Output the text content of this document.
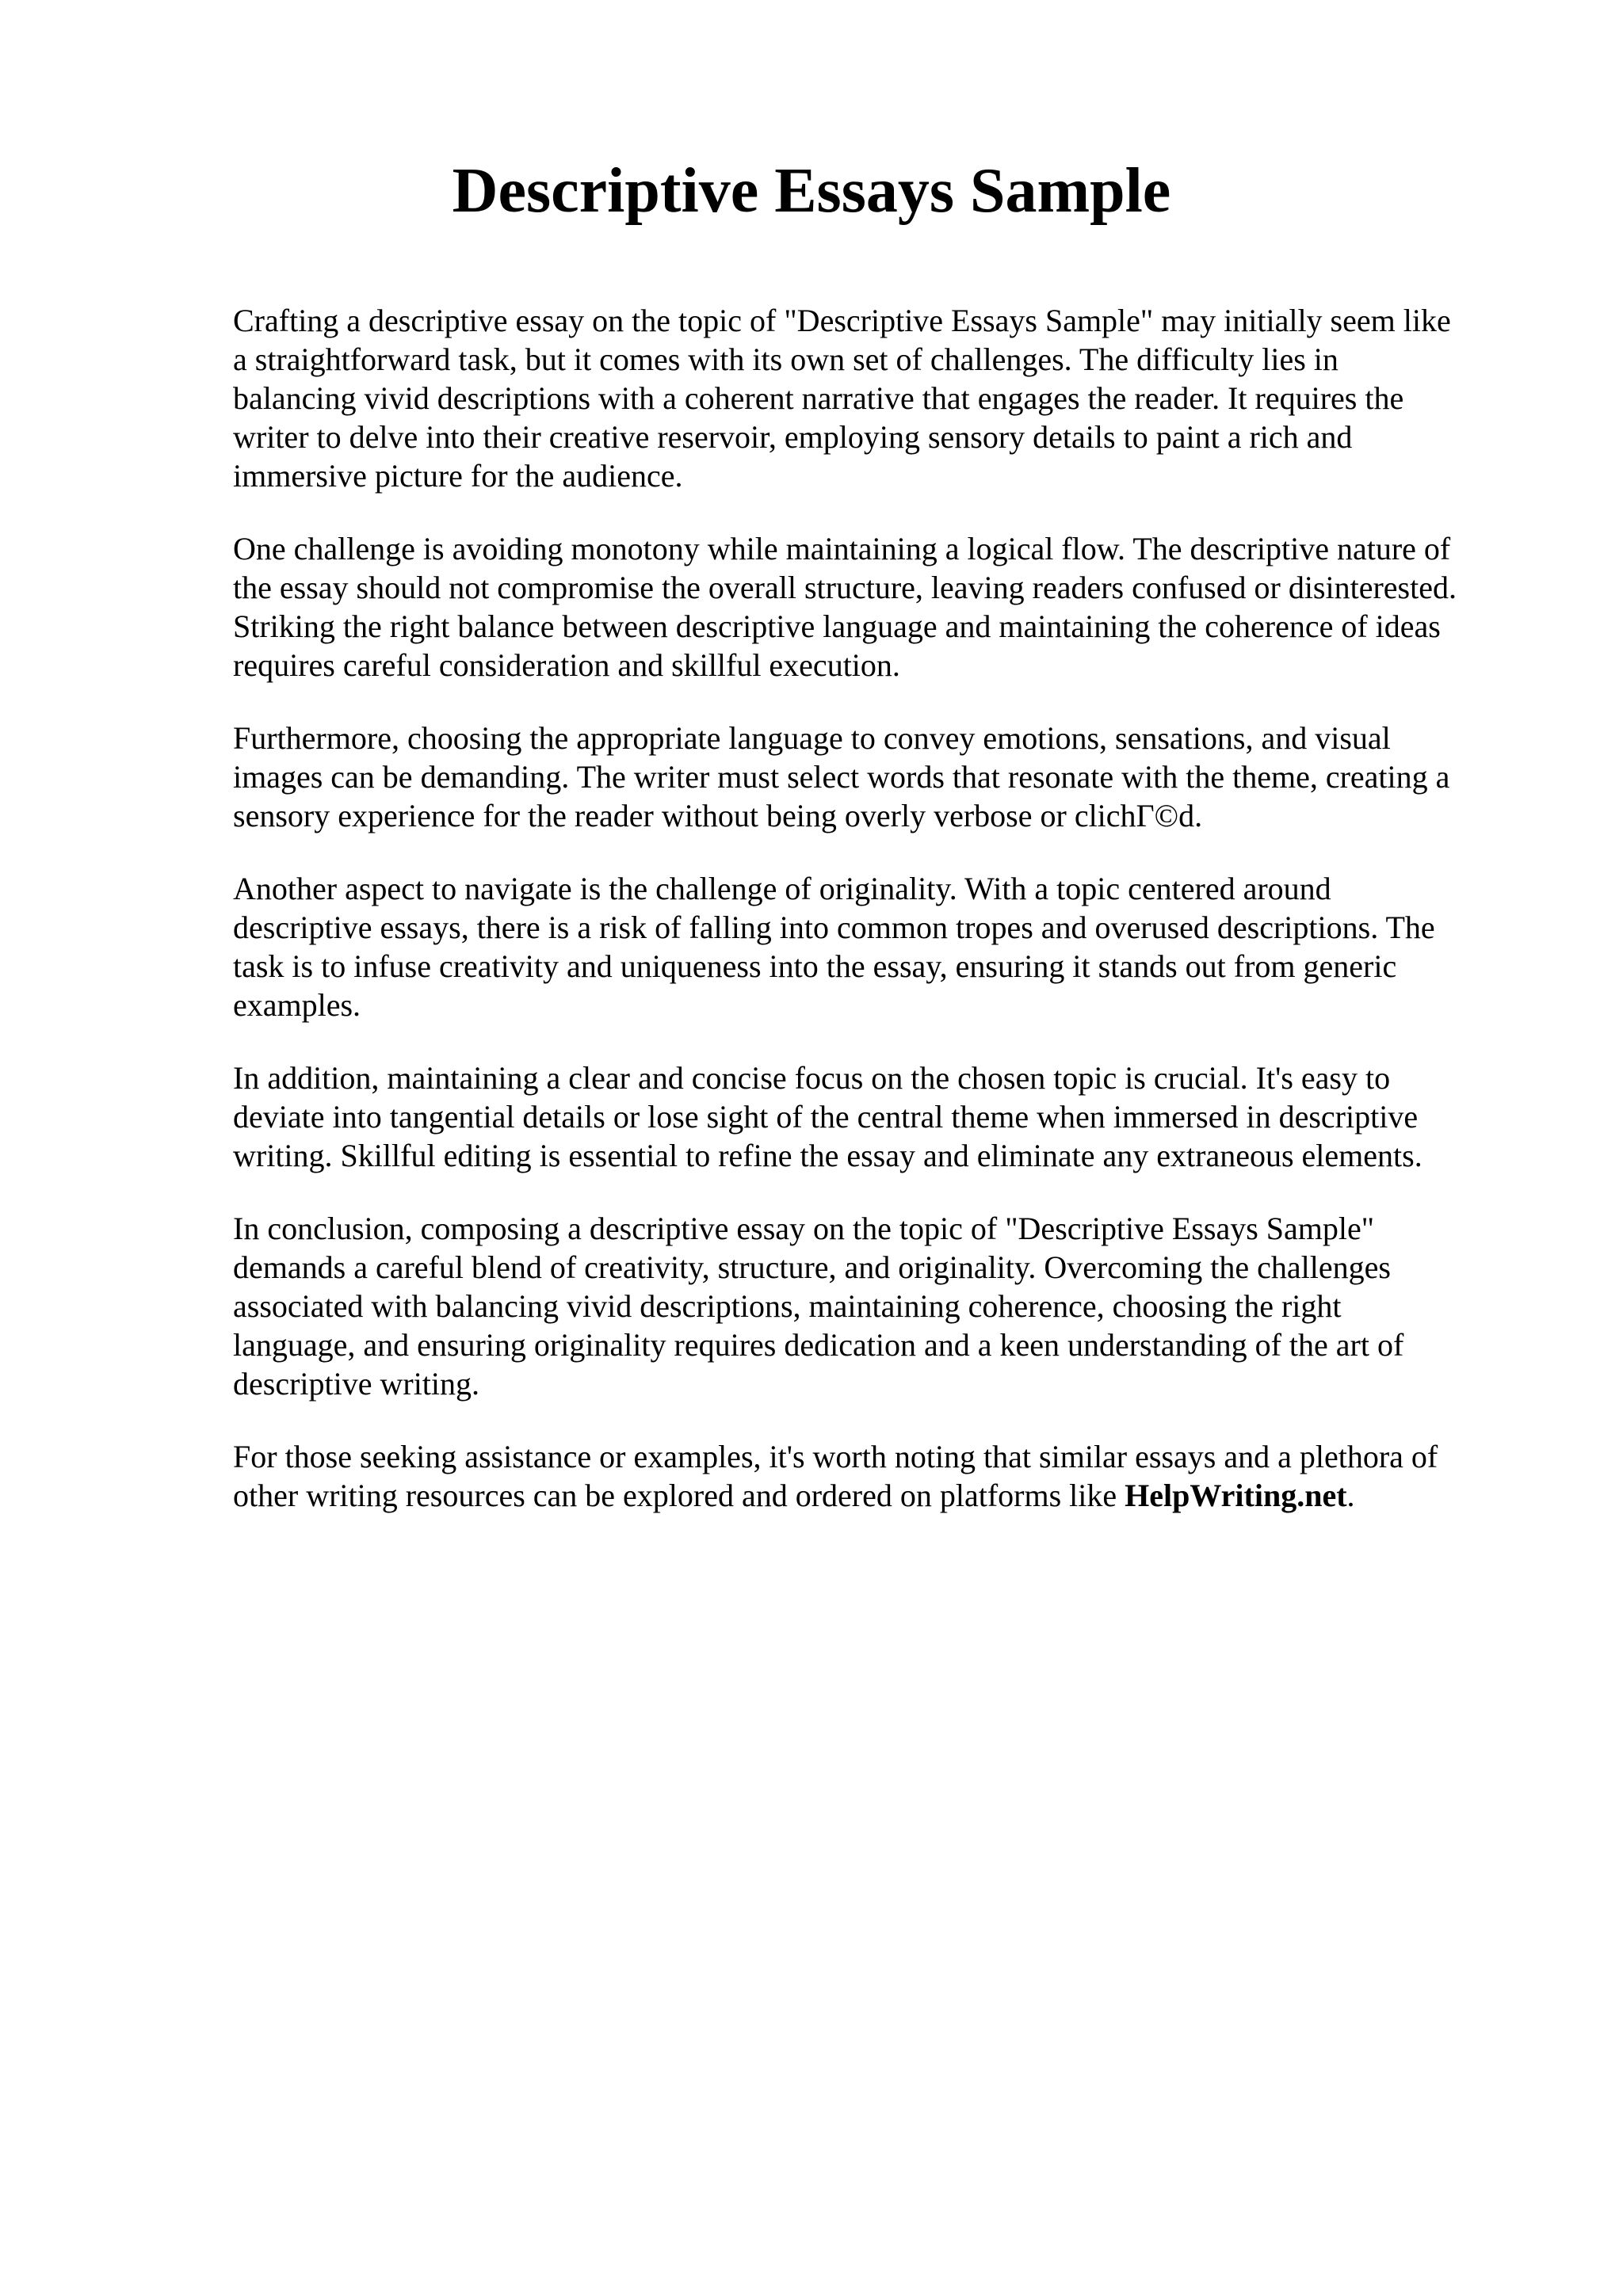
Descriptive Essays Sample

Crafting a descriptive essay on the topic of "Descriptive Essays Sample" may initially seem like
a straightforward task, but it comes with its own set of challenges. The difficulty lies in
balancing vivid descriptions with a coherent narrative that engages the reader. It requires the
writer to delve into their creative reservoir, employing sensory details to paint a rich and
immersive picture for the audience.

One challenge is avoiding monotony while maintaining a logical flow. The descriptive nature of
the essay should not compromise the overall structure, leaving readers confused or disinterested.
Striking the right balance between descriptive language and maintaining the coherence of ideas
requires careful consideration and skillful execution.

Furthermore, choosing the appropriate language to convey emotions, sensations, and visual
images can be demanding. The writer must select words that resonate with the theme, creating a
sensory experience for the reader without being overly verbose or clichΓ©d.

Another aspect to navigate is the challenge of originality. With a topic centered around
descriptive essays, there is a risk of falling into common tropes and overused descriptions. The
task is to infuse creativity and uniqueness into the essay, ensuring it stands out from generic
examples.

In addition, maintaining a clear and concise focus on the chosen topic is crucial. It's easy to
deviate into tangential details or lose sight of the central theme when immersed in descriptive
writing. Skillful editing is essential to refine the essay and eliminate any extraneous elements.

In conclusion, composing a descriptive essay on the topic of "Descriptive Essays Sample"
demands a careful blend of creativity, structure, and originality. Overcoming the challenges
associated with balancing vivid descriptions, maintaining coherence, choosing the right
language, and ensuring originality requires dedication and a keen understanding of the art of
descriptive writing.

For those seeking assistance or examples, it's worth noting that similar essays and a plethora of
other writing resources can be explored and ordered on platforms like HelpWriting.net.
